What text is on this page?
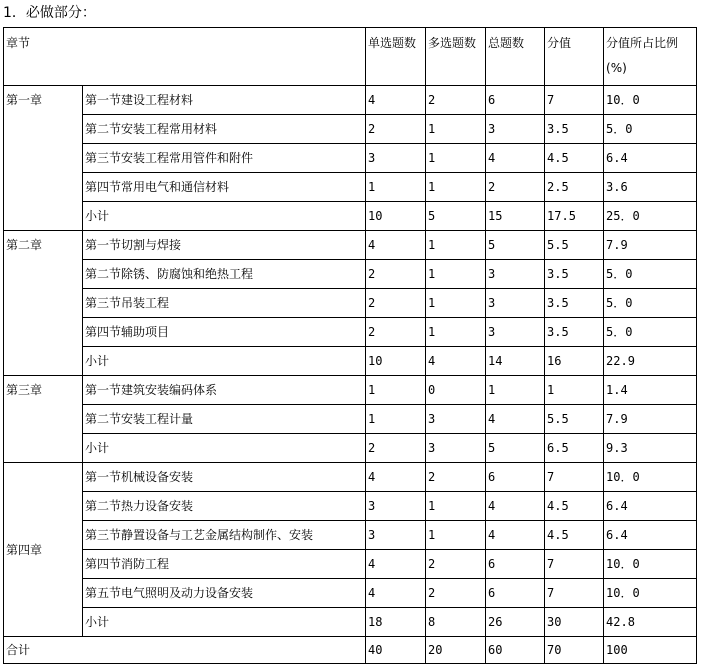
1．必做部分：
章节		单选题数	多选题数	总题数	分值	分值所占比例(%)
第一章	第一节建设工程材料	4	2	6	7	10．0
	第二节安装工程常用材料	2	1	3	3.5	5．0
	第三节安装工程常用管件和附件	3	1	4	4.5	6.4
	第四节常用电气和通信材料	1	1	2	2.5	3.6
	小计	10	5	15	17.5	25．0
第二章	第一节切割与焊接	4	1	5	5.5	7.9
	第二节除锈、防腐蚀和绝热工程	2	1	3	3.5	5．0
	第三节吊装工程	2	1	3	3.5	5．0
	第四节辅助项目	2	1	3	3.5	5．0
	小计	10	4	14	16	22.9
第三章	第一节建筑安装编码体系	1	0	1	1	1.4
	第二节安装工程计量	1	3	4	5.5	7.9
	小计	2	3	5	6.5	9.3
第四章	第一节机械设备安装	4	2	6	7	10．0
	第二节热力设备安装	3	1	4	4.5	6.4
	第三节静置设备与工艺金属结构制作、安装	3	1	4	4.5	6.4
	第四节消防工程	4	2	6	7	10．0
	第五节电气照明及动力设备安装	4	2	6	7	10．0
	小计	18	8	26	30	42.8
合计		40	20	60	70	100
